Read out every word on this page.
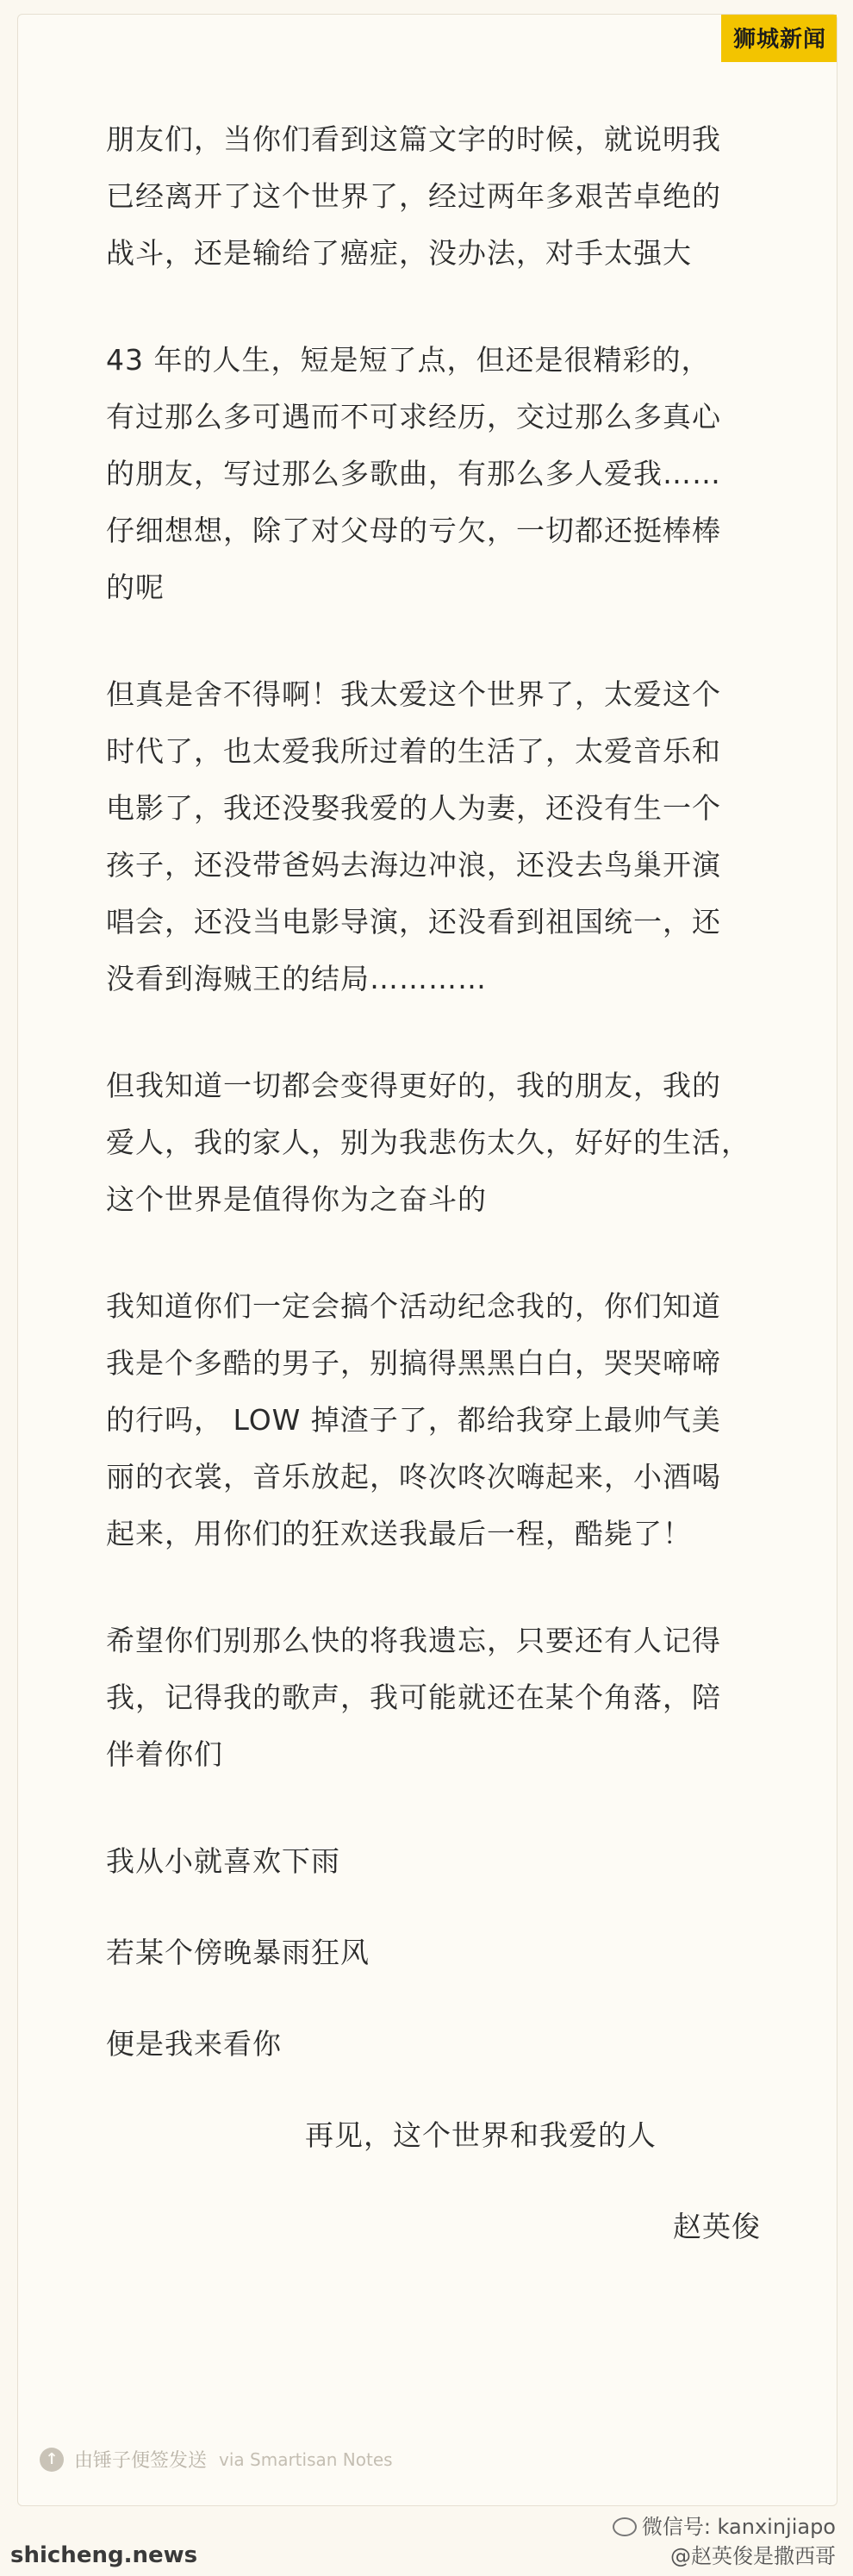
狮城新闻

朋友们，当你们看到这篇文字的时候，就说明我
已经离开了这个世界了，经过两年多艰苦卓绝的
战斗，还是输给了癌症，没办法，对手太强大

43 年的人生，短是短了点，但还是很精彩的，
有过那么多可遇而不可求经历，交过那么多真心
的朋友，写过那么多歌曲，有那么多人爱我……
仔细想想，除了对父母的亏欠，一切都还挺棒棒
的呢

但真是舍不得啊！我太爱这个世界了，太爱这个
时代了，也太爱我所过着的生活了，太爱音乐和
电影了，我还没娶我爱的人为妻，还没有生一个
孩子，还没带爸妈去海边冲浪，还没去鸟巢开演
唱会，还没当电影导演，还没看到祖国统一，还
没看到海贼王的结局…………

但我知道一切都会变得更好的，我的朋友，我的
爱人，我的家人，别为我悲伤太久，好好的生活，
这个世界是值得你为之奋斗的

我知道你们一定会搞个活动纪念我的，你们知道
我是个多酷的男子，别搞得黑黑白白，哭哭啼啼
的行吗， LOW 掉渣子了，都给我穿上最帅气美
丽的衣裳，音乐放起，咚次咚次嗨起来，小酒喝
起来，用你们的狂欢送我最后一程，酷毙了！

希望你们别那么快的将我遗忘，只要还有人记得
我，记得我的歌声，我可能就还在某个角落，陪
伴着你们

我从小就喜欢下雨

若某个傍晚暴雨狂风

便是我来看你

再见，这个世界和我爱的人

赵英俊

↑ 由锤子便签发送 via Smartisan Notes
shicheng.news
微信号: kanxinjiapo
@赵英俊是撒西哥
